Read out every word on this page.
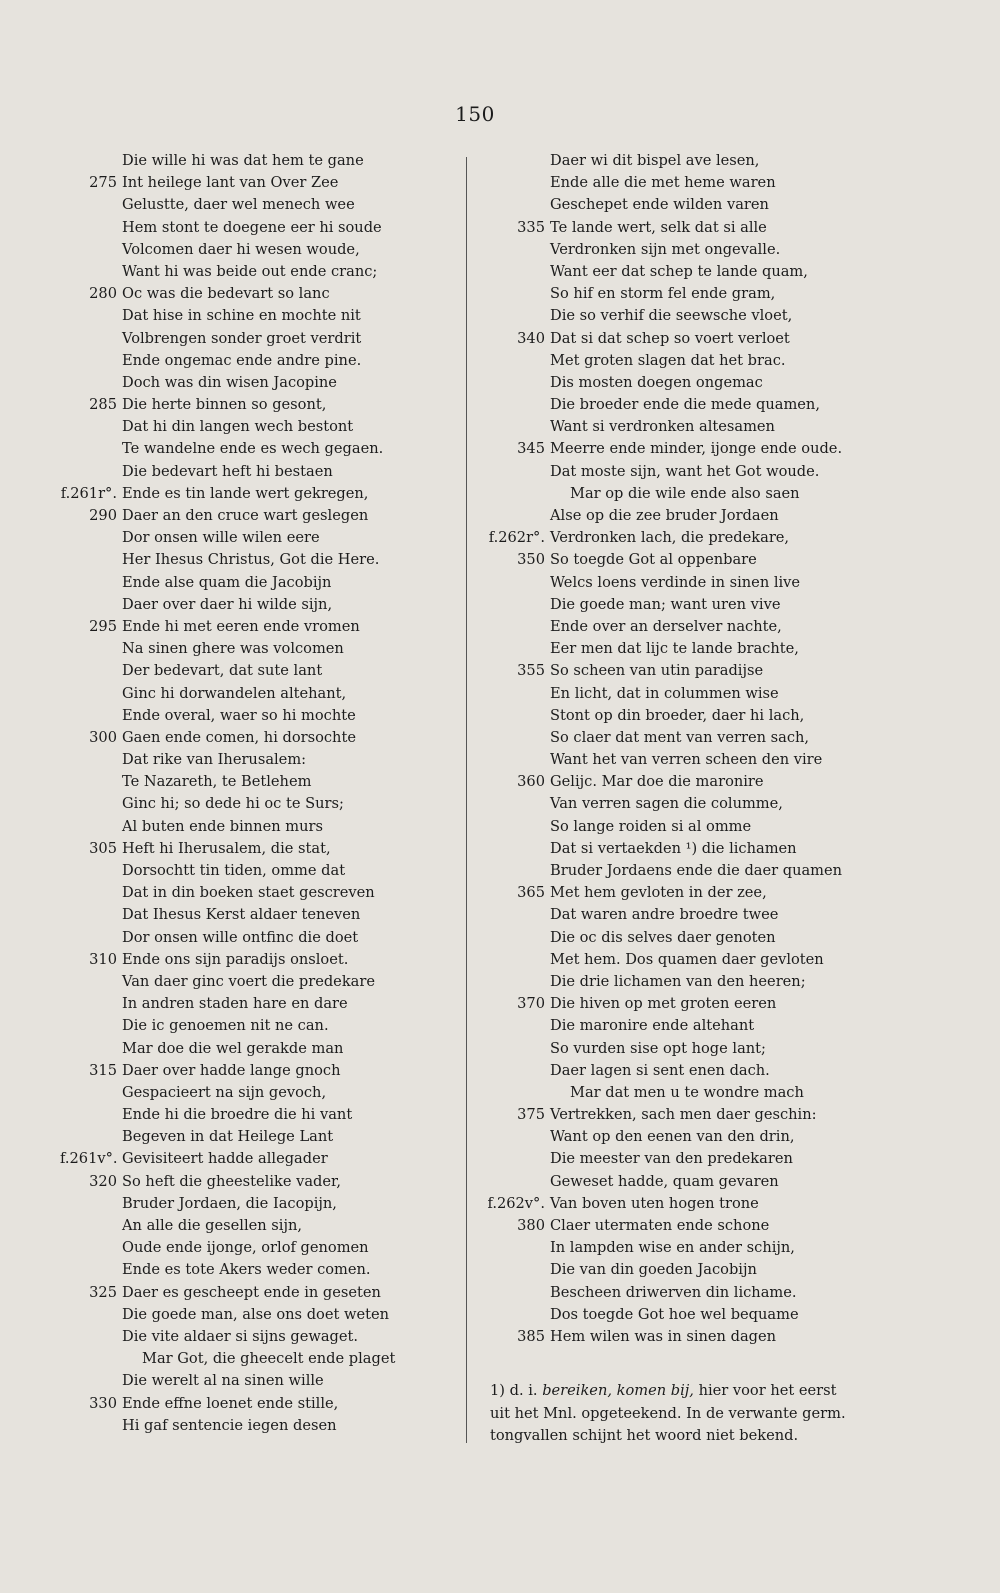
150
Die wille hi was dat hem te gane
275 Int heilege lant van Over Zee
Gelustte, daer wel menech wee
Hem stont te doegene eer hi soude
Volcomen daer hi wesen woude,
Want hi was beide out ende cranc;
280 Oc was die bedevart so lanc
Dat hise in schine en mochte nit
Volbrengen sonder groet verdrit
Ende ongemac ende andre pine.
Doch was din wisen Jacopine
285 Die herte binnen so gesont,
Dat hi din langen wech bestont
Te wandelne ende es wech gegaen.
Die bedevart heft hi bestaen
f.261r°. Ende es tin lande wert gekregen,
290 Daer an den cruce wart geslegen
Dor onsen wille wilen eere
Her Ihesus Christus, Got die Here.
Ende alse quam die Jacobijn
Daer over daer hi wilde sijn,
295 Ende hi met eeren ende vromen
Na sinen ghere was volcomen
Der bedevart, dat sute lant
Ginc hi dorwandelen altehant,
Ende overal, waer so hi mochte
300 Gaen ende comen, hi dorsochte
Dat rike van Iherusalem:
Te Nazareth, te Betlehem
Ginc hi; so dede hi oc te Surs;
Al buten ende binnen murs
305 Heft hi Iherusalem, die stat,
Dorsochtt tin tiden, omme dat
Dat in din boeken staet gescreven
Dat Ihesus Kerst aldaer teneven
Dor onsen wille ontfinc die doet
310 Ende ons sijn paradijs onsloet.
Van daer ginc voert die predekare
In andren staden hare en dare
Die ic genoemen nit ne can.
Mar doe die wel gerakde man
315 Daer over hadde lange gnoch
Gespacieert na sijn gevoch,
Ende hi die broedre die hi vant
Begeven in dat Heilege Lant
f.261v°. Gevisiteert hadde allegader
320 So heft die gheestelike vader,
Bruder Jordaen, die Iacopijn,
An alle die gesellen sijn,
Oude ende ijonge, orlof genomen
Ende es tote Akers weder comen.
325 Daer es gescheept ende in geseten
Die goede man, alse ons doet weten
Die vite aldaer si sijns gewaget.
Mar Got, die gheecelt ende plaget
Die werelt al na sinen wille
330 Ende effne loenet ende stille,
Hi gaf sentencie iegen desen
Daer wi dit bispel ave lesen,
Ende alle die met heme waren
Geschepet ende wilden varen
335 Te lande wert, selk dat si alle
Verdronken sijn met ongevalle.
Want eer dat schep te lande quam,
So hif en storm fel ende gram,
Die so verhif die seewsche vloet,
340 Dat si dat schep so voert verloet
Met groten slagen dat het brac.
Dis mosten doegen ongemac
Die broeder ende die mede quamen,
Want si verdronken altesamen
345 Meerre ende minder, ijonge ende oude.
Dat moste sijn, want het Got woude.
Mar op die wile ende also saen
Alse op die zee bruder Jordaen
f.262r°. Verdronken lach, die predekare,
350 So toegde Got al oppenbare
Welcs loens verdinde in sinen live
Die goede man; want uren vive
Ende over an derselver nachte,
Eer men dat lijc te lande brachte,
355 So scheen van utin paradijse
En licht, dat in colummen wise
Stont op din broeder, daer hi lach,
So claer dat ment van verren sach,
Want het van verren scheen den vire
360 Gelijc. Mar doe die maronire
Van verren sagen die columme,
So lange roiden si al omme
Dat si vertaekden ¹) die lichamen
Bruder Jordaens ende die daer quamen
365 Met hem gevloten in der zee,
Dat waren andre broedre twee
Die oc dis selves daer genoten
Met hem. Dos quamen daer gevloten
Die drie lichamen van den heeren;
370 Die hiven op met groten eeren
Die maronire ende altehant
So vurden sise opt hoge lant;
Daer lagen si sent enen dach.
Mar dat men u te wondre mach
375 Vertrekken, sach men daer geschin:
Want op den eenen van den drin,
Die meester van den predekaren
Geweset hadde, quam gevaren
f.262v°. Van boven uten hogen trone
380 Claer utermaten ende schone
In lampden wise en ander schijn,
Die van din goeden Jacobijn
Bescheen driwerven din lichame.
Dos toegde Got hoe wel bequame
385 Hem wilen was in sinen dagen
1) d. i. bereiken, komen bij, hier voor het eerst
uit het Mnl. opgeteekend. In de verwante germ.
tongvallen schijnt het woord niet bekend.
